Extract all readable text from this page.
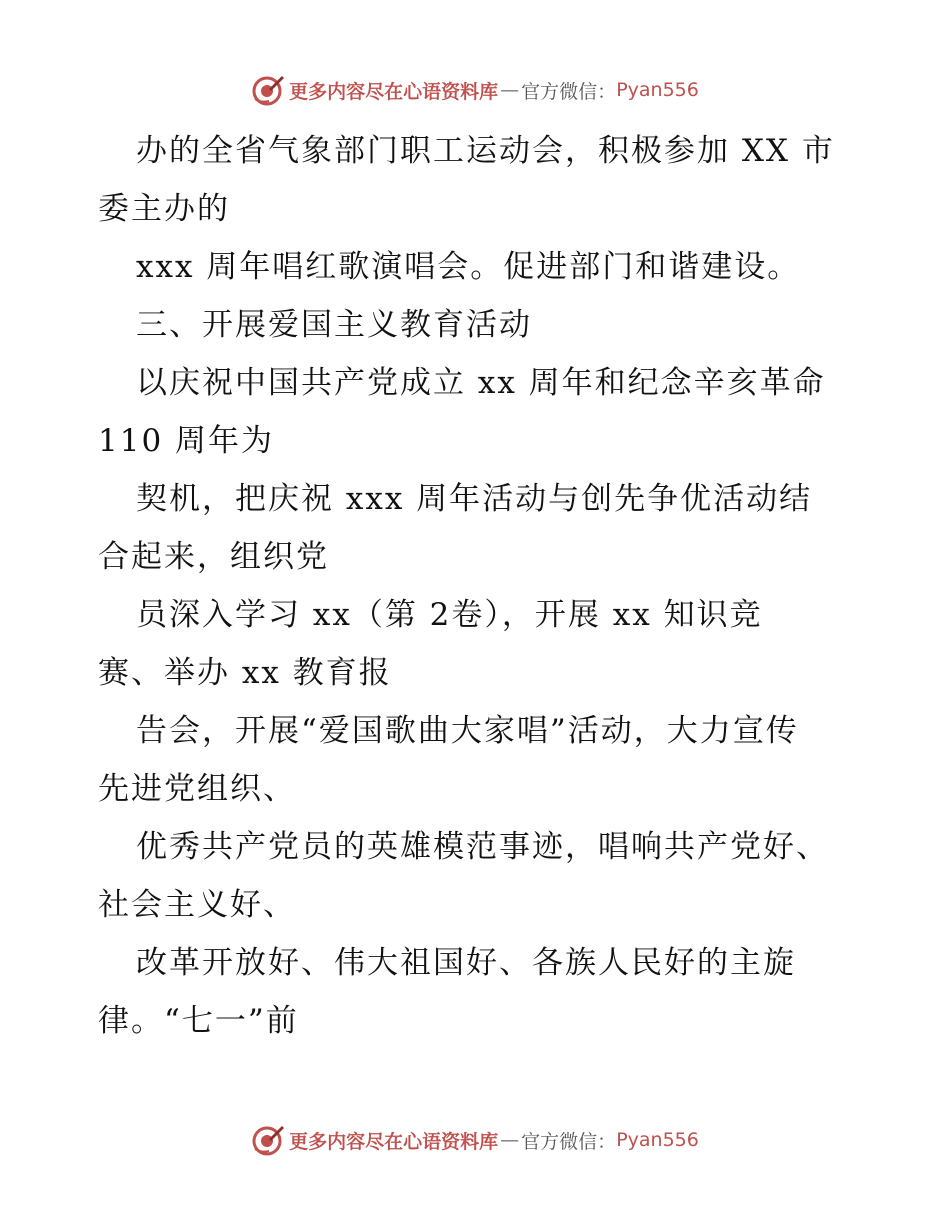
更多内容尽在心语资料库 — 官方微信： Pyan556
办的全省气象部门职工运动会，积极参加 XX 市
委主办的
xxx 周年唱红歌演唱会。促进部门和谐建设。
三、开展爱国主义教育活动
以庆祝中国共产党成立 xx 周年和纪念辛亥革命
110 周年为
契机，把庆祝 xxx 周年活动与创先争优活动结
合起来，组织党
员深入学习 xx（第 2卷），开展 xx 知识竞
赛、举办 xx 教育报
告会，开展“爱国歌曲大家唱”活动，大力宣传
先进党组织、
优秀共产党员的英雄模范事迹，唱响共产党好、
社会主义好、
改革开放好、伟大祖国好、各族人民好的主旋
律。“七一”前
更多内容尽在心语资料库 — 官方微信： Pyan556
